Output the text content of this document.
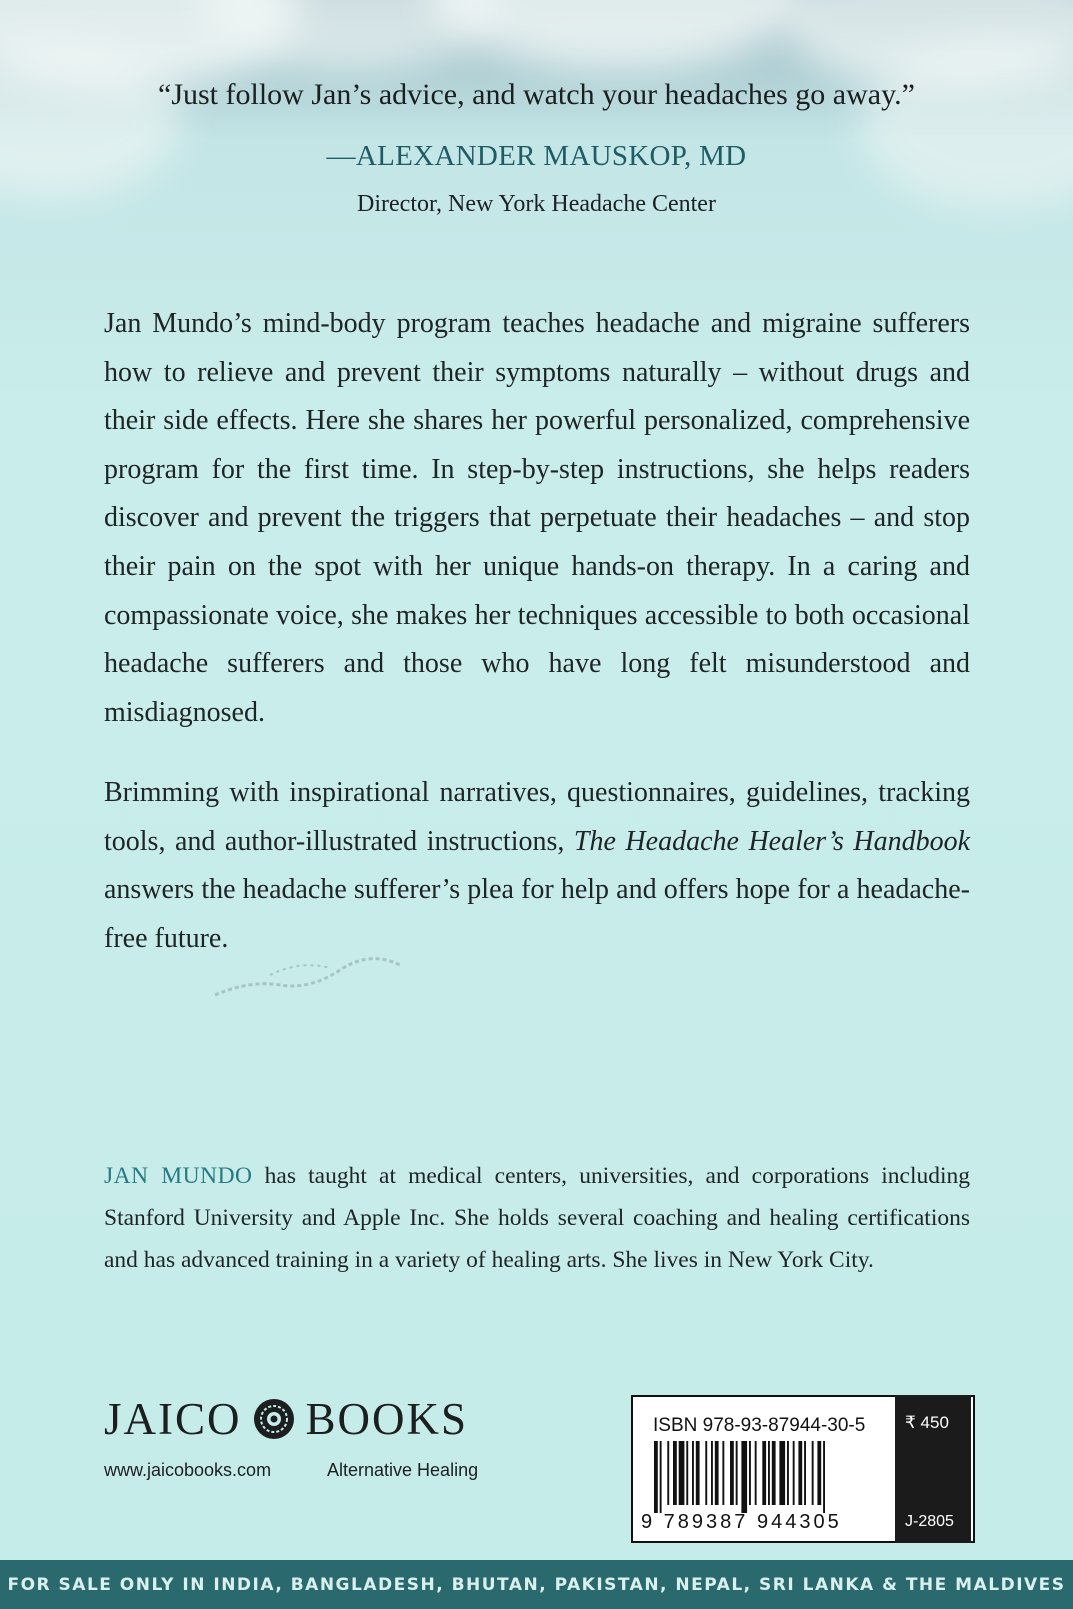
“Just follow Jan’s advice, and watch your headaches go away.”
—ALEXANDER MAUSKOP, MD
Director, New York Headache Center
Jan Mundo’s mind-body program teaches headache and migraine sufferers how to relieve and prevent their symptoms naturally – without drugs and their side effects. Here she shares her powerful personalized, comprehensive program for the first time. In step-by-step instructions, she helps readers discover and prevent the triggers that perpetuate their headaches – and stop their pain on the spot with her unique hands-on therapy. In a caring and compassionate voice, she makes her techniques accessible to both occasional headache sufferers and those who have long felt misunderstood and misdiagnosed.
Brimming with inspirational narratives, questionnaires, guidelines, tracking tools, and author-illustrated instructions, The Headache Healer’s Handbook answers the headache sufferer’s plea for help and offers hope for a headache-free future.
JAN MUNDO has taught at medical centers, universities, and corporations including Stanford University and Apple Inc. She holds several coaching and healing certifications and has advanced training in a variety of healing arts. She lives in New York City.
JAICO BOOKS
www.jaicobooks.com	Alternative Healing
ISBN 978-93-87944-30-5
9 789387 944305
₹ 450
J-2805
FOR SALE ONLY IN INDIA, BANGLADESH, BHUTAN, PAKISTAN, NEPAL, SRI LANKA & THE MALDIVES
